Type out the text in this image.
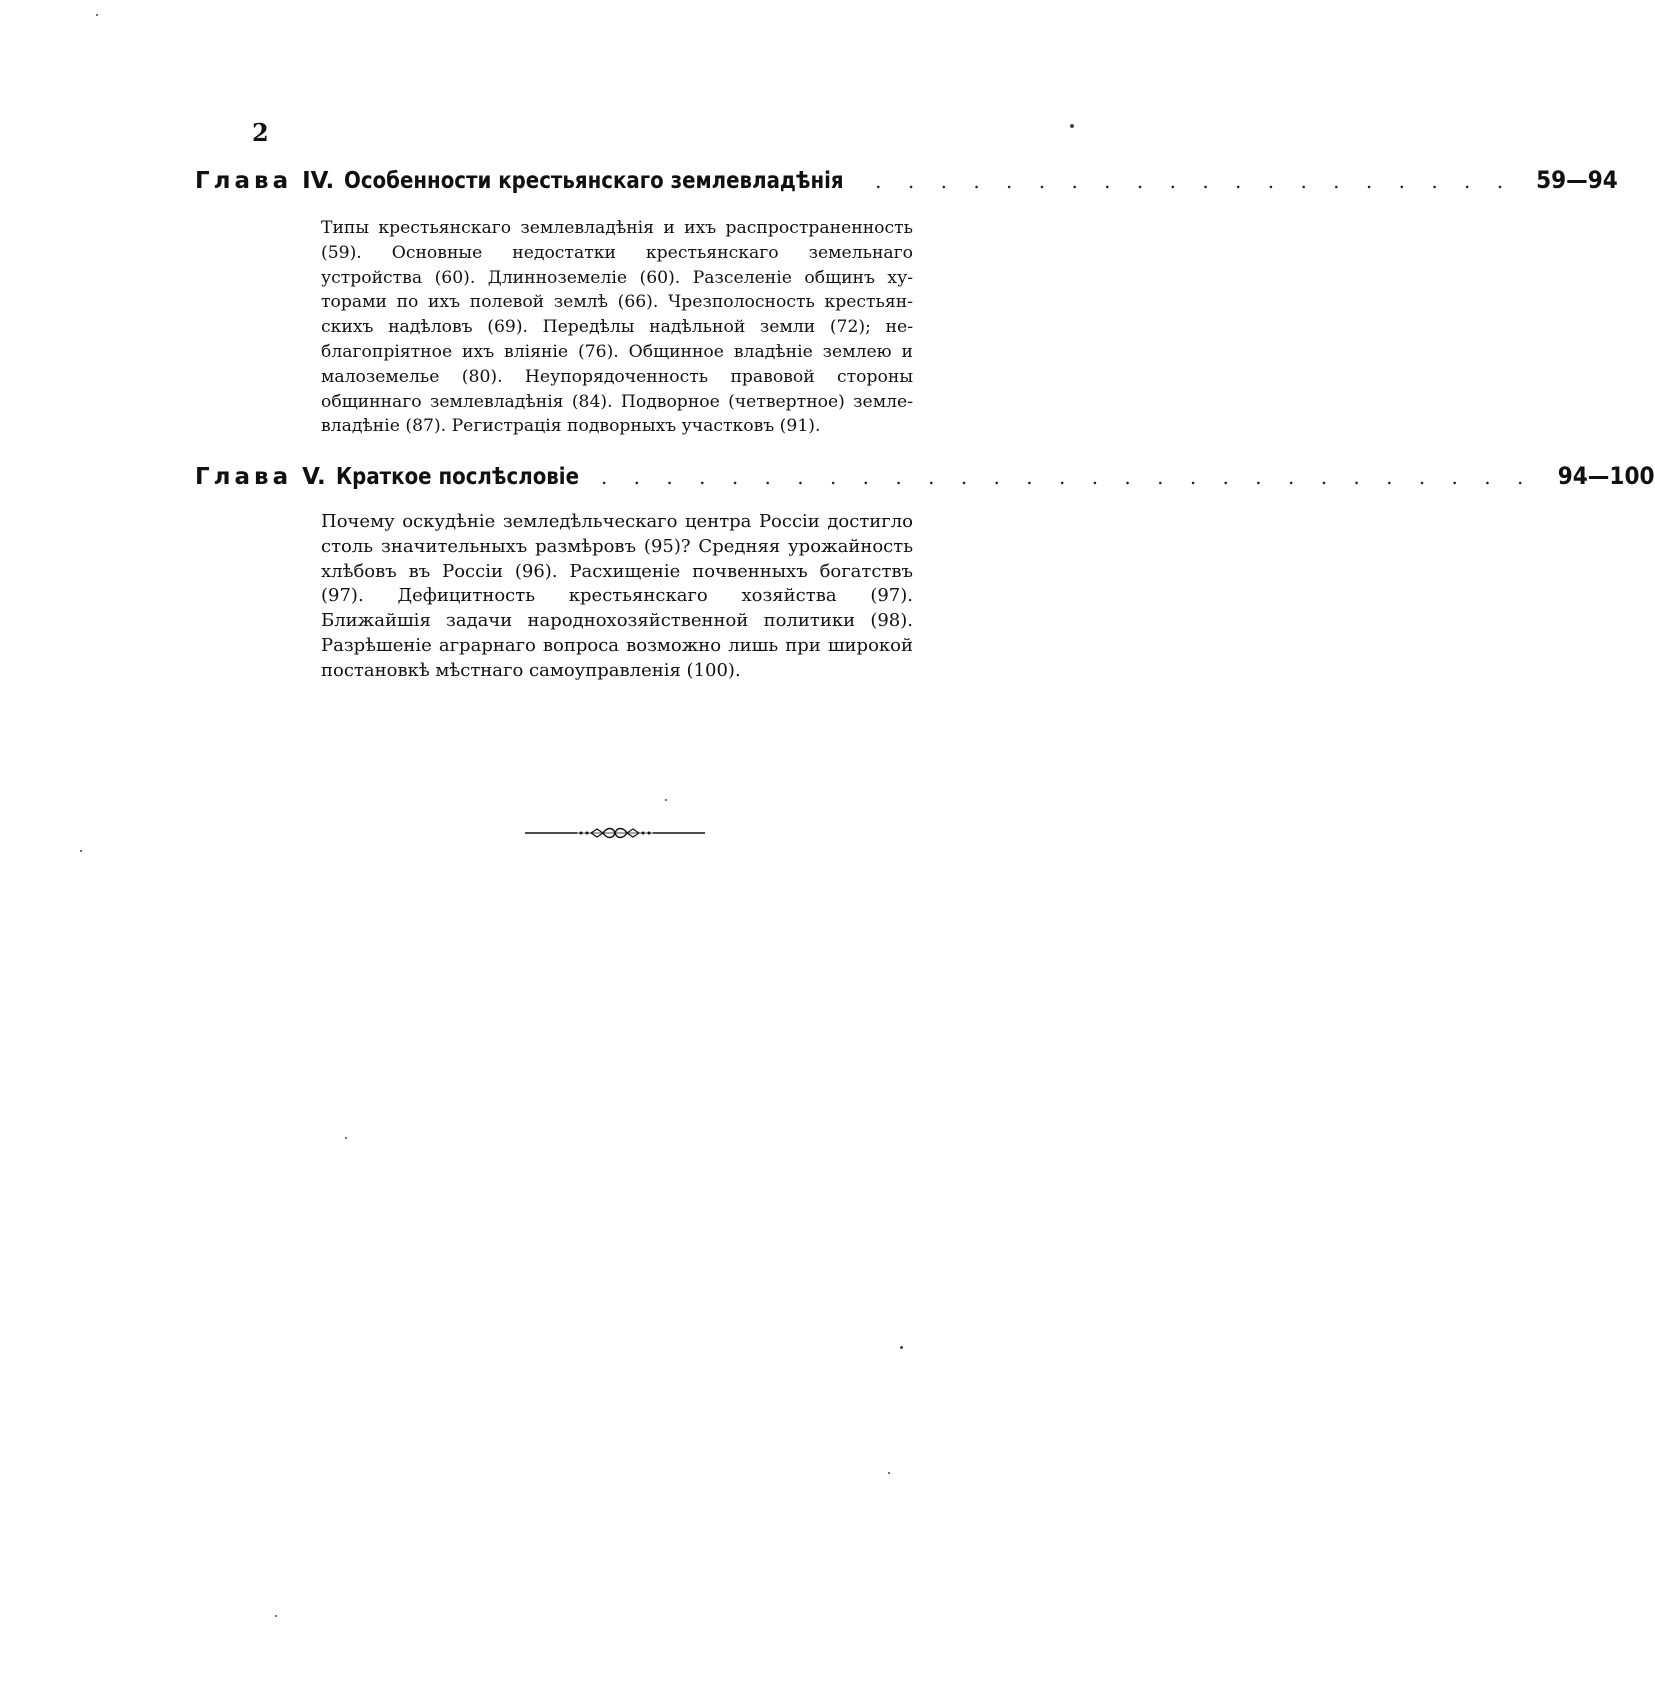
2
Глава IV. Особенности крестьянскаго землевладѣнія . . . . . . . . . . . . . . . . . . . . 59—94

Типы крестьянскаго землевладѣнія и ихъ распространенность (59). Основные недостатки крестьянскаго земельнаго устройства (60). Длинноземеліе (60). Разселеніе общинъ хуторами по ихъ полевой землѣ (66). Чрезполосность крестьянскихъ надѣловъ (69). Передѣлы надѣльной земли (72); неблагопріятное ихъ вліяніе (76). Общинное владѣніе землею и малоземелье (80). Неупорядоченность правовой стороны общиннаго землевладѣнія (84). Подворное (четвертное) землевладѣніе (87). Регистрація подворныхъ участковъ (91).

Глава V. Краткое послѣсловіе
. . . . . . . . . . . . . . . . . . . . . . . . . . . . . . 94—100

Почему оскудѣніе земледѣльческаго центра Россіи достигло столь значительныхъ размѣровъ (95)? Средняя урожайность хлѣбовъ въ Россіи (96). Расхищеніе почвенныхъ богатствъ (97). Дефицитность крестьянскаго хозяйства (97). Ближайшія задачи народнохозяйственной политики (98). Разрѣшеніе аграрнаго вопроса возможно лишь при широкой постановкѣ мѣстнаго самоуправленія (100).
